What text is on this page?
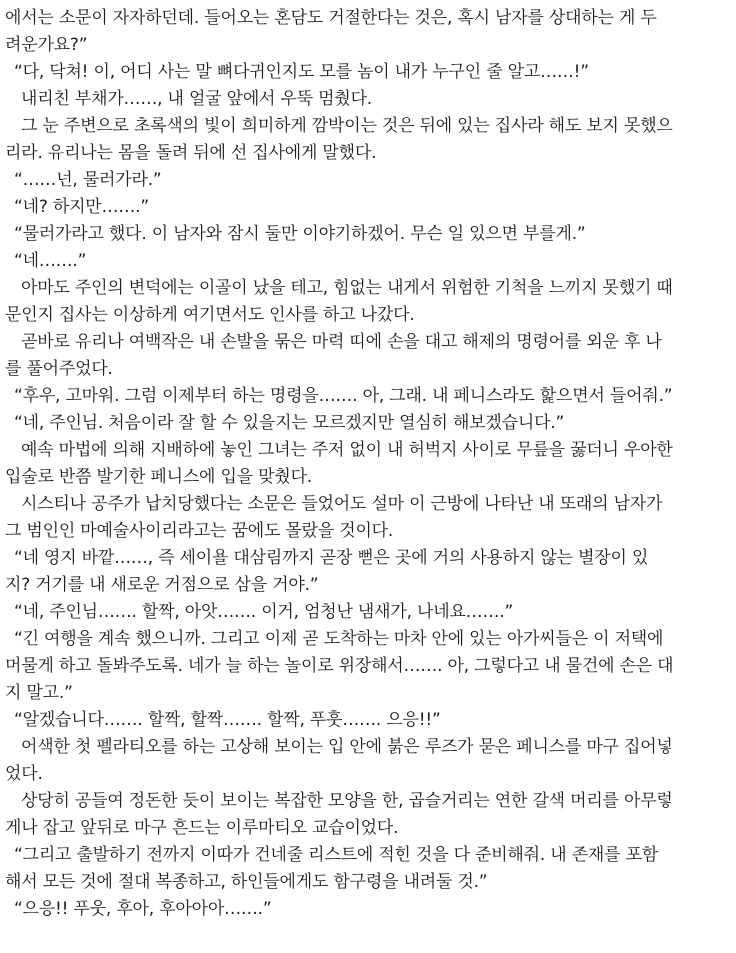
에서는 소문이 자자하던데. 들어오는 혼담도 거절한다는 것은, 혹시 남자를 상대하는 게 두
려운가요?”
“다, 닥쳐! 이, 어디 사는 말 뼈다귀인지도 모를 놈이 내가 누구인 줄 알고……!”
내리친 부채가……, 내 얼굴 앞에서 우뚝 멈췄다.
그 눈 주변으로 초록색의 빛이 희미하게 깜박이는 것은 뒤에 있는 집사라 해도 보지 못했으
리라. 유리나는 몸을 돌려 뒤에 선 집사에게 말했다.
“……넌, 물러가라.”
“네? 하지만…….”
“물러가라고 했다. 이 남자와 잠시 둘만 이야기하겠어. 무슨 일 있으면 부를게.”
“네…….”
아마도 주인의 변덕에는 이골이 났을 테고, 힘없는 내게서 위험한 기척을 느끼지 못했기 때
문인지 집사는 이상하게 여기면서도 인사를 하고 나갔다.
곧바로 유리나 여백작은 내 손발을 묶은 마력 띠에 손을 대고 해제의 명령어를 외운 후 나
를 풀어주었다.
“후우, 고마워. 그럼 이제부터 하는 명령을……. 아, 그래. 내 페니스라도 핥으면서 들어줘.”
“네, 주인님. 처음이라 잘 할 수 있을지는 모르겠지만 열심히 해보겠습니다.”
예속 마법에 의해 지배하에 놓인 그녀는 주저 없이 내 허벅지 사이로 무릎을 꿇더니 우아한
입술로 반쯤 발기한 페니스에 입을 맞췄다.
시스티나 공주가 납치당했다는 소문은 들었어도 설마 이 근방에 나타난 내 또래의 남자가
그 범인인 마예술사이리라고는 꿈에도 몰랐을 것이다.
“네 영지 바깥……, 즉 세이욜 대삼림까지 곧장 뻗은 곳에 거의 사용하지 않는 별장이 있
지? 거기를 내 새로운 거점으로 삼을 거야.”
“네, 주인님……. 할짝, 아앗……. 이거, 엄청난 냄새가, 나네요…….”
“긴 여행을 계속 했으니까. 그리고 이제 곧 도착하는 마차 안에 있는 아가씨들은 이 저택에
머물게 하고 돌봐주도록. 네가 늘 하는 놀이로 위장해서……. 아, 그렇다고 내 물건에 손은 대
지 말고.”
“알겠습니다……. 할짝, 할짝……. 할짝, 푸훗……. 으응!!”
어색한 첫 펠라티오를 하는 고상해 보이는 입 안에 붉은 루즈가 묻은 페니스를 마구 집어넣
었다.
상당히 공들여 정돈한 듯이 보이는 복잡한 모양을 한, 곱슬거리는 연한 갈색 머리를 아무렇
게나 잡고 앞뒤로 마구 흔드는 이루마티오 교습이었다.
“그리고 출발하기 전까지 이따가 건네줄 리스트에 적힌 것을 다 준비해줘. 내 존재를 포함
해서 모든 것에 절대 복종하고, 하인들에게도 함구령을 내려둘 것.”
“으응!! 푸웃, 후아, 후아아아…….”
